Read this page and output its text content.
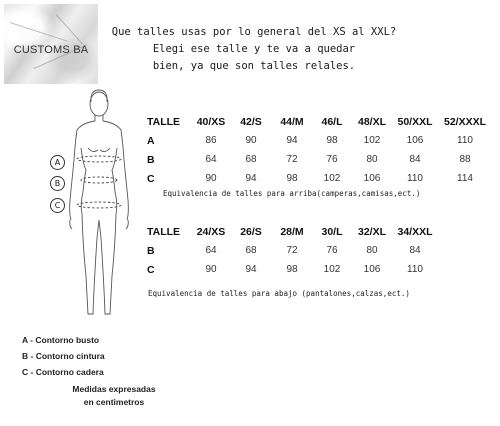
CUSTOMS BA
Que talles usas por lo general del XS al XXL?
Elegi ese talle y te va a quedar
bien, ya que son talles relales.
A
B
C
TALLE	40/XS	42/S	44/M	46/L	48/XL	50/XXL	52/XXXL
A	86	90	94	98	102	106	110
B	64	68	72	76	80	84	88
C	90	94	98	102	106	110	114
Equivalencia de talles para arriba(camperas,camisas,ect.)
TALLE	24/XS	26/S	28/M	30/L	32/XL	34/XXL
B	64	68	72	76	80	84
C	90	94	98	102	106	110
Equivalencia de talles para abajo (pantalones,calzas,ect.)
A - Contorno busto
B - Contorno cintura
C - Contorno cadera
Medidas expresadas
en centimetros
